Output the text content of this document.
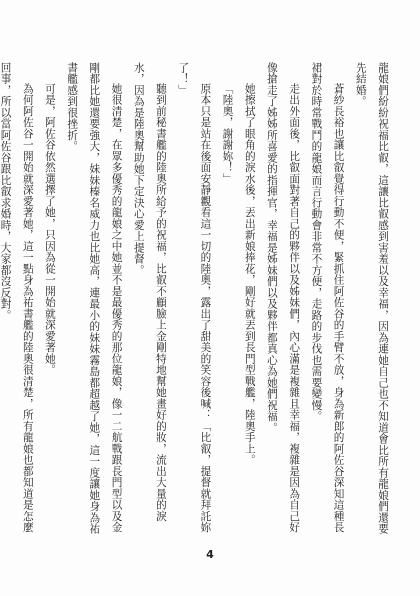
龍娘們紛紛祝福比叡，這讓比叡感到害羞以及幸福，因為連她自己也不知道會比所有龍娘們還要先結婚。

蒼紗長裕也讓比叡覺得行動不便，緊抓住阿佐谷的手臂不放，身為新郎的阿佐谷深知這種長裙對於時常戰鬥的龍娘而言行動會非常不方便，走路的步伐也需要變慢。

走出外面後，比叡面對著自己的夥伴以及姊妹們，內心滿是複雜且幸福，複雜是因為自己好像搶走了姊姊所喜愛的指揮官，幸福是姊妹們以及夥伴都真心為她們祝福。

她擦拭了眼角的淚水後，丟出新娘捧花，剛好就丟到長門型戰艦，陸奧手上。

「陸奧，謝謝妳！」

原本只是站在後面安靜觀看這一切的陸奧，露出了甜美的笑容後喊：「比叡，提督就拜託妳了！」

聽到前秘書艦的陸奧所給予的祝福，比叡不顧臉上金剛特地幫她畫好的妝，流出大量的淚水，因為是陸奧幫助她下定決心愛上提督。

她很清楚，在眾多優秀的龍娘之中她並不是最優秀的那位龍娘，像一二航戰跟長門型以及金剛都比她還要強大，妹妹榛名威力也比她高，連最小的妹妹霧島都超越了她，這一度讓她身為祐書艦感到很挫折。

可是，阿佐谷依然選擇了她，只因為從一開始就深愛著她。

為何阿佐谷一開始就深愛著她，這一點身為祐書艦的陸奧很清楚，所有龍娘也都知道是怎麼回事，所以當阿佐谷跟比叡求婚時，大家都沒反對。

4
